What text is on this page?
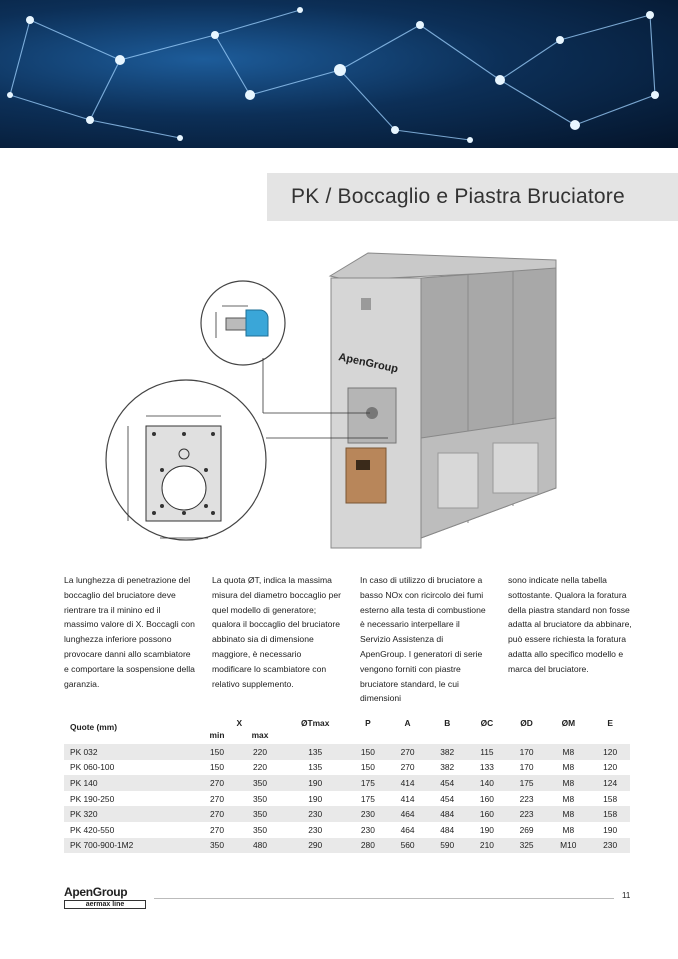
PK / Boccaglio e Piastra Bruciatore
ApenGroup

La lunghezza di penetrazione del boccaglio del bruciatore deve rientrare tra il minino ed il massimo valore di X. Boccagli con lunghezza inferiore possono provocare danni allo scambiatore e comportare la sospensione della garanzia.

La quota ØT, indica la massima misura del diametro boccaglio per quel modello di generatore; qualora il boccaglio del bruciatore abbinato sia di dimensione maggiore, è necessario modificare lo scambiatore con relativo supplemento.

In caso di utilizzo di bruciatore a basso NOx con ricircolo dei fumi esterno alla testa di combustione è necessario interpellare il Servizio Assistenza di ApenGroup. I generatori di serie vengono forniti con piastre bruciatore standard, le cui dimensioni

sono indicate nella tabella sottostante. Qualora la foratura della piastra standard non fosse adatta al bruciatore da abbinare, può essere richiesta la foratura adatta allo specifico modello e marca del bruciatore.

Quote (mm)	X		ØTmax	P	A	B	ØC	ØD	ØM	E
	min	max								
PK 032	150	220	135	150	270	382	115	170	M8	120
PK 060-100	150	220	135	150	270	382	133	170	M8	120
PK 140	270	350	190	175	414	454	140	175	M8	124
PK 190-250	270	350	190	175	414	454	160	223	M8	158
PK 320	270	350	230	230	464	484	160	223	M8	158
PK 420-550	270	350	230	230	464	484	190	269	M8	190
PK 700-900-1M2	350	480	290	280	560	590	210	325	M10	230
ApenGroup
aermax line
11
